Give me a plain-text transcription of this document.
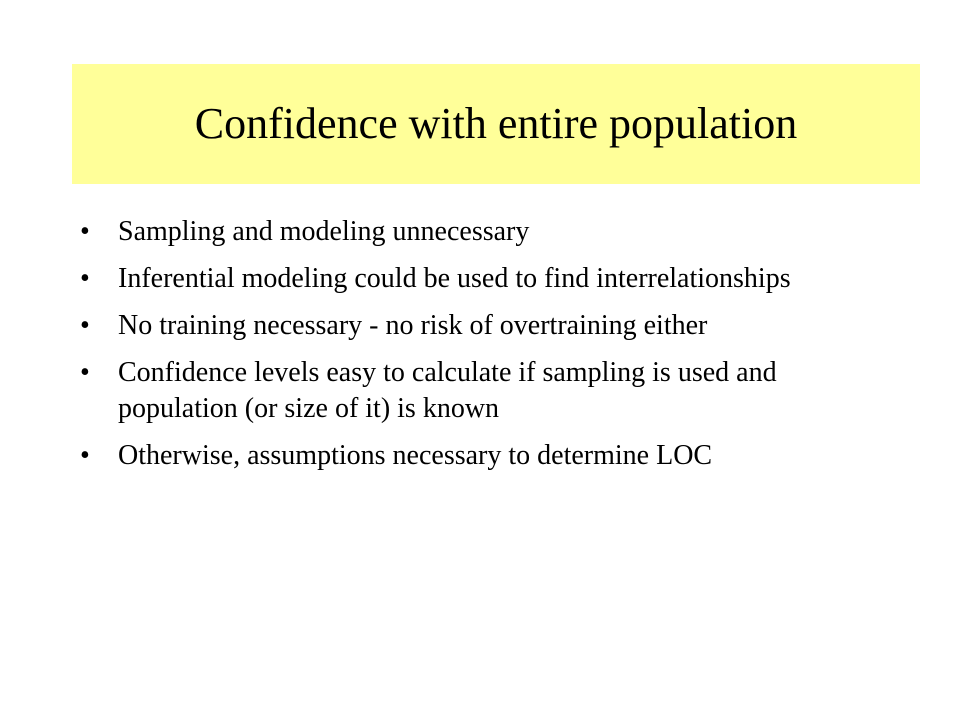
Confidence with entire population
• Sampling and modeling unnecessary
• Inferential modeling could be used to find interrelationships
• No training necessary - no risk of overtraining either
• Confidence levels easy to calculate if sampling is used and population (or size of it) is known
• Otherwise, assumptions necessary to determine LOC
